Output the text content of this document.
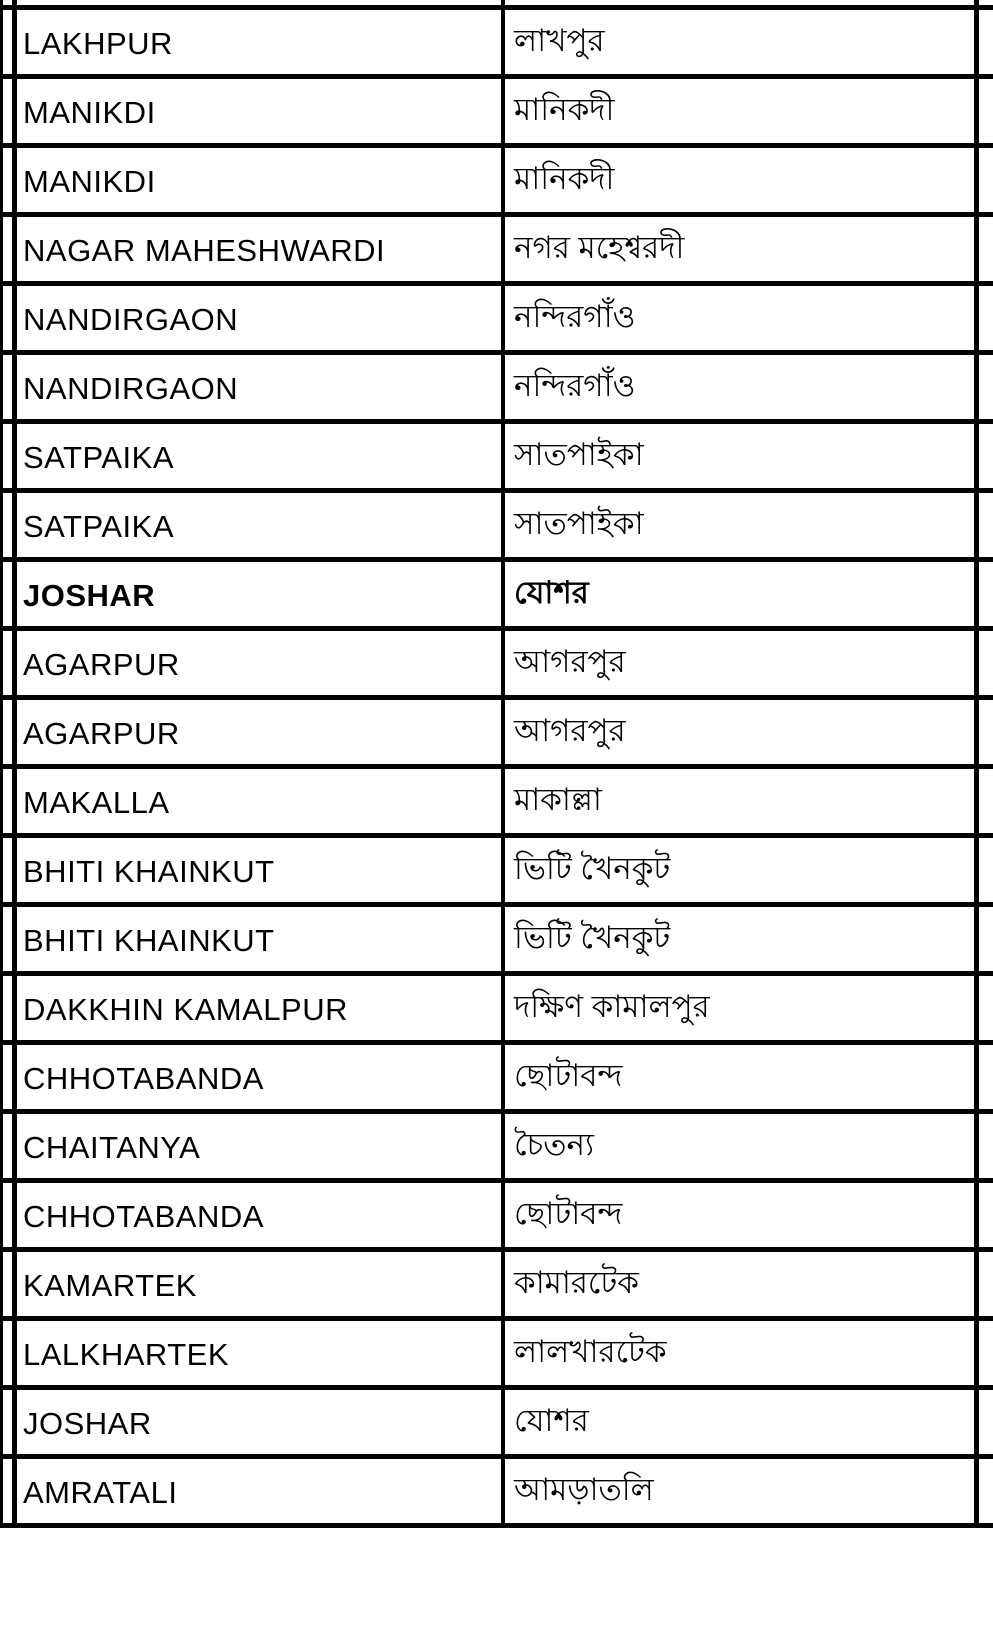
LAKHPUR	লাখপুর
MANIKDI	মানিকদী
MANIKDI	মানিকদী
NAGAR MAHESHWARDI	নগর মহেশ্বরদী
NANDIRGAON	নন্দিরগাঁও
NANDIRGAON	নন্দিরগাঁও
SATPAIKA	সাতপাইকা
SATPAIKA	সাতপাইকা
JOSHAR	যোশর
AGARPUR	আগরপুর
AGARPUR	আগরপুর
MAKALLA	মাকাল্লা
BHITI KHAINKUT	ভিটি খৈনকুট
BHITI KHAINKUT	ভিটি খৈনকুট
DAKKHIN KAMALPUR	দক্ষিণ কামালপুর
CHHOTABANDA	ছোটাবন্দ
CHAITANYA	চৈতন্য
CHHOTABANDA	ছোটাবন্দ
KAMARTEK	কামারটেক
LALKHARTEK	লালখারটেক
JOSHAR	যোশর
AMRATALI	আমড়াতলি
